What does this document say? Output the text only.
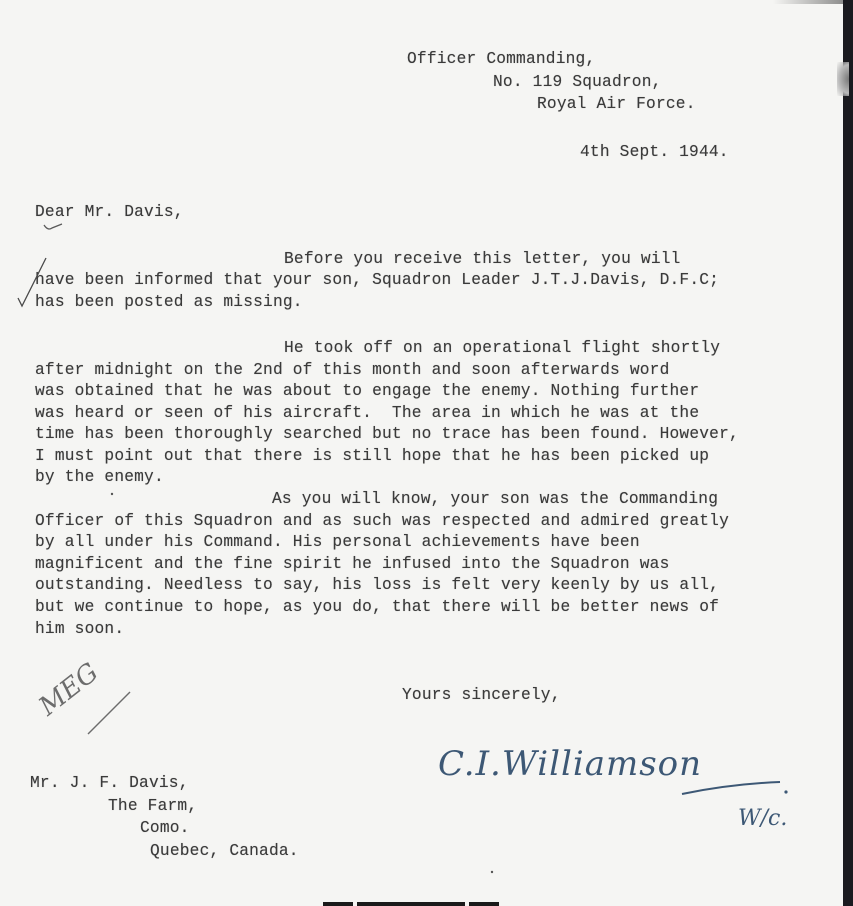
Officer Commanding,
No. 119 Squadron,
Royal Air Force.
4th Sept. 1944.
Dear Mr. Davis,
Before you receive this letter, you will
have been informed that your son, Squadron Leader J.T.J.Davis, D.F.C;
has been posted as missing.
He took off on an operational flight shortly
after midnight on the 2nd of this month and soon afterwards word
was obtained that he was about to engage the enemy. Nothing further
was heard or seen of his aircraft.  The area in which he was at the
time has been thoroughly searched but no trace has been found. However,
I must point out that there is still hope that he has been picked up
by the enemy.
As you will know, your son was the Commanding
Officer of this Squadron and as such was respected and admired greatly
by all under his Command. His personal achievements have been
magnificent and the fine spirit he infused into the Squadron was
outstanding. Needless to say, his loss is felt very keenly by us all,
but we continue to hope, as you do, that there will be better news of
him soon.
Yours sincerely,
MEG
C.I.Williamson
W/c.
Mr. J. F. Davis,
The Farm,
Como.
Quebec, Canada.
